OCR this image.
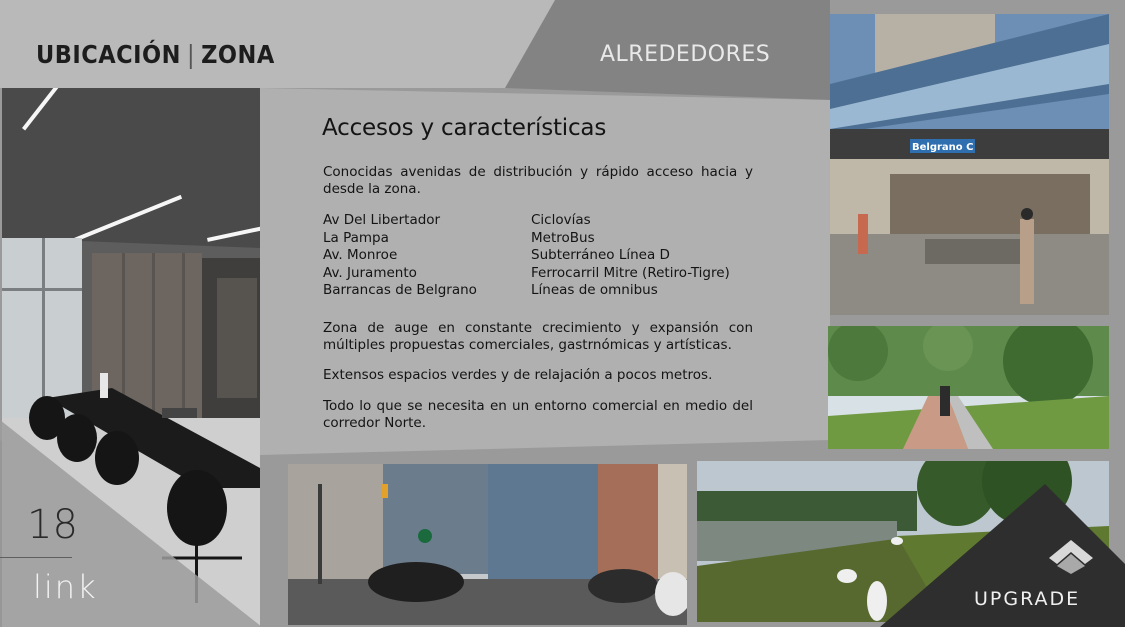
UBICACIÓN | ZONA	ALREDEDORES
18
link
Accesos y características
Conocidas avenidas de distribución y rápido acceso hacia y desde la zona.
Av Del Libertador
La Pampa
Av. Monroe
Av. Juramento
Barrancas de Belgrano
Ciclovías
MetroBus
Subterráneo Línea D
Ferrocarril Mitre (Retiro-Tigre)
Líneas de omnibus
Zona de auge en constante crecimiento y expansión con múltiples propuestas comerciales, gastrnómicas y artísticas.
Extensos espacios verdes y de relajación a pocos metros.
Todo lo que se necesita en un entorno comercial en medio del corredor Norte.
Belgrano C
UPGRADE
